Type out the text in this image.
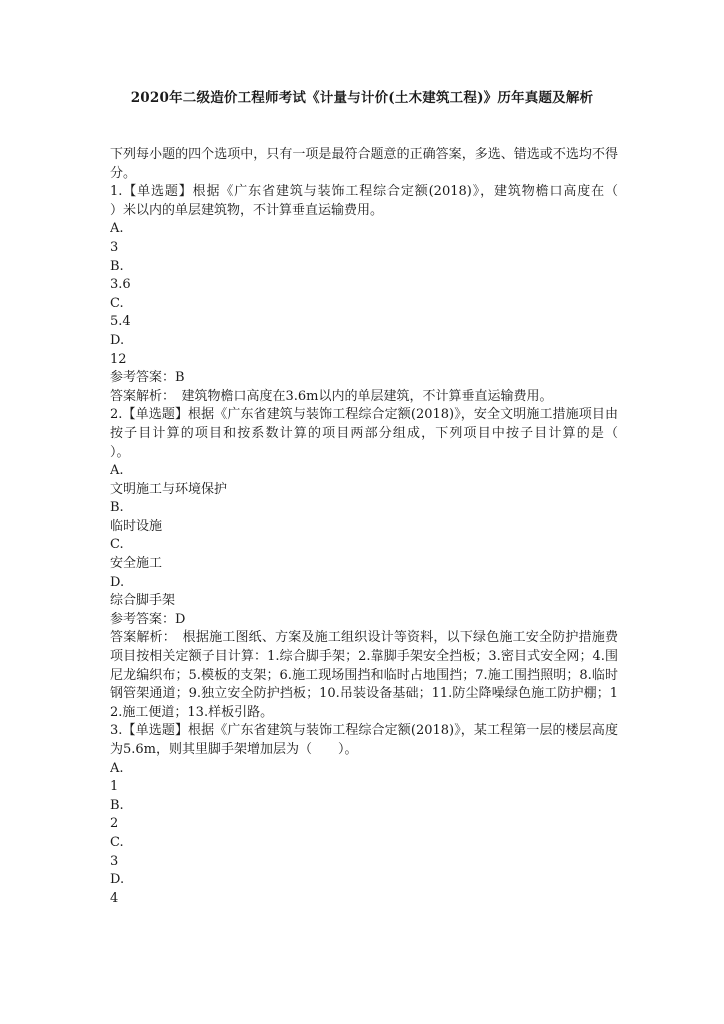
2020年二级造价工程师考试《计量与计价(土木建筑工程)》历年真题及解析
下列每小题的四个选项中，只有一项是最符合题意的正确答案，多选、错选或不选均不得分。
1.【单选题】根据《广东省建筑与装饰工程综合定额(2018)》，建筑物檐口高度在（　　）米以内的单层建筑物，不计算垂直运输费用。
A.
3
B.
3.6
C.
5.4
D.
12
参考答案：B
答案解析：　建筑物檐口高度在3.6m以内的单层建筑，不计算垂直运输费用。
2.【单选题】根据《广东省建筑与装饰工程综合定额(2018)》，安全文明施工措施项目由按子目计算的项目和按系数计算的项目两部分组成，下列项目中按子目计算的是（　　）。
A.
文明施工与环境保护
B.
临时设施
C.
安全施工
D.
综合脚手架
参考答案：D
答案解析：　根据施工图纸、方案及施工组织设计等资料，以下绿色施工安全防护措施费项目按相关定额子目计算：1.综合脚手架；2.靠脚手架安全挡板；3.密目式安全网；4.围尼龙编织布；5.模板的支架；6.施工现场围挡和临时占地围挡；7.施工围挡照明；8.临时钢管架通道；9.独立安全防护挡板；10.吊装设备基础；11.防尘降噪绿色施工防护棚；12.施工便道；13.样板引路。
3.【单选题】根据《广东省建筑与装饰工程综合定额(2018)》，某工程第一层的楼层高度为5.6m，则其里脚手架增加层为（　　）。
A.
1
B.
2
C.
3
D.
4
